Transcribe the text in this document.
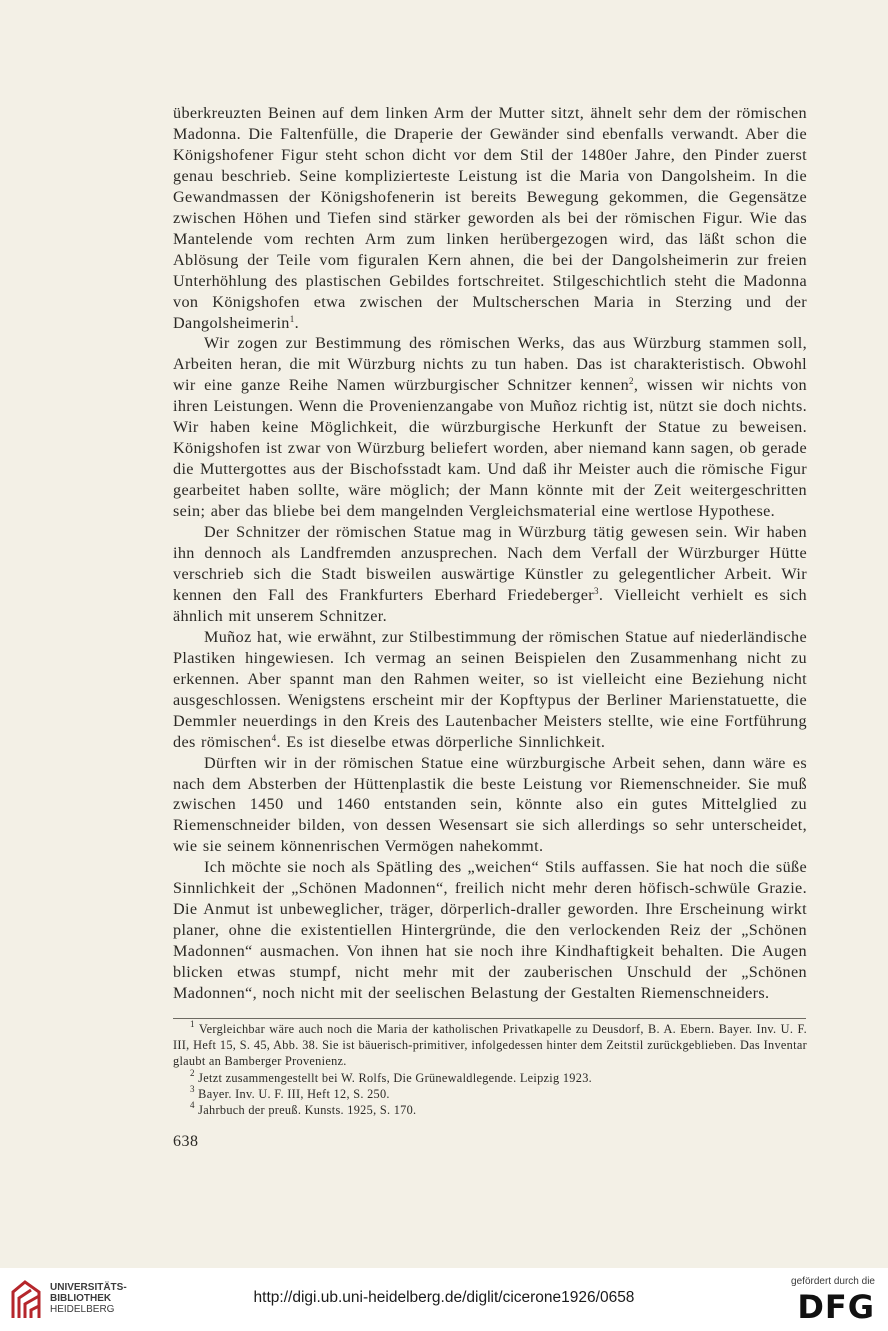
überkreuzten Beinen auf dem linken Arm der Mutter sitzt, ähnelt sehr dem der römischen Madonna. Die Faltenfülle, die Draperie der Gewänder sind ebenfalls verwandt. Aber die Königshofener Figur steht schon dicht vor dem Stil der 1480er Jahre, den Pinder zuerst genau beschrieb. Seine komplizierteste Leistung ist die Maria von Dangolsheim. In die Gewandmassen der Königshofenerin ist bereits Bewegung gekommen, die Gegensätze zwischen Höhen und Tiefen sind stärker geworden als bei der römischen Figur. Wie das Mantelende vom rechten Arm zum linken herübergezogen wird, das läßt schon die Ablösung der Teile vom figuralen Kern ahnen, die bei der Dangolsheimerin zur freien Unterhöhlung des plastischen Gebildes fortschreitet. Stilgeschichtlich steht die Madonna von Königshofen etwa zwischen der Multscherschen Maria in Sterzing und der Dangolsheimerin$^1$.

Wir zogen zur Bestimmung des römischen Werks, das aus Würzburg stammen soll, Arbeiten heran, die mit Würzburg nichts zu tun haben. Das ist charakteristisch. Obwohl wir eine ganze Reihe Namen würzburgischer Schnitzer kennen$^2$, wissen wir nichts von ihren Leistungen. Wenn die Provenienzangabe von Muñoz richtig ist, nützt sie doch nichts. Wir haben keine Möglichkeit, die würzburgische Herkunft der Statue zu beweisen. Königshofen ist zwar von Würzburg beliefert worden, aber niemand kann sagen, ob gerade die Muttergottes aus der Bischofsstadt kam. Und daß ihr Meister auch die römische Figur gearbeitet haben sollte, wäre möglich; der Mann könnte mit der Zeit weitergeschritten sein; aber das bliebe bei dem mangelnden Vergleichsmaterial eine wertlose Hypothese.

Der Schnitzer der römischen Statue mag in Würzburg tätig gewesen sein. Wir haben ihn dennoch als Landfremden anzusprechen. Nach dem Verfall der Würzburger Hütte verschrieb sich die Stadt bisweilen auswärtige Künstler zu gelegentlicher Arbeit. Wir kennen den Fall des Frankfurters Eberhard Friedeberger$^3$. Vielleicht verhielt es sich ähnlich mit unserem Schnitzer.

Muñoz hat, wie erwähnt, zur Stilbestimmung der römischen Statue auf niederländische Plastiken hingewiesen. Ich vermag an seinen Beispielen den Zusammenhang nicht zu erkennen. Aber spannt man den Rahmen weiter, so ist vielleicht eine Beziehung nicht ausgeschlossen. Wenigstens erscheint mir der Kopftypus der Berliner Marienstatuette, die Demmler neuerdings in den Kreis des Lautenbacher Meisters stellte, wie eine Fortführung des römischen$^4$. Es ist dieselbe etwas dörperliche Sinnlichkeit.

Dürften wir in der römischen Statue eine würzburgische Arbeit sehen, dann wäre es nach dem Absterben der Hüttenplastik die beste Leistung vor Riemenschneider. Sie muß zwischen 1450 und 1460 entstanden sein, könnte also ein gutes Mittelglied zu Riemenschneider bilden, von dessen Wesensart sie sich allerdings so sehr unterscheidet, wie sie seinem könnenrischen Vermögen nahekommt.

Ich möchte sie noch als Spätling des „weichen“ Stils auffassen. Sie hat noch die süße Sinnlichkeit der „Schönen Madonnen“, freilich nicht mehr deren höfisch-schwüle Grazie. Die Anmut ist unbeweglicher, träger, dörperlich-draller geworden. Ihre Erscheinung wirkt planer, ohne die existentiellen Hintergründe, die den verlockenden Reiz der „Schönen Madonnen“ ausmachen. Von ihnen hat sie noch ihre Kindhaftigkeit behalten. Die Augen blicken etwas stumpf, nicht mehr mit der zauberischen Unschuld der „Schönen Madonnen“, noch nicht mit der seelischen Belastung der Gestalten Riemenschneiders.

$^1$ Vergleichbar wäre auch noch die Maria der katholischen Privatkapelle zu Deusdorf, B. A. Ebern. Bayer. Inv. U. F. III, Heft 15, S. 45, Abb. 38. Sie ist bäuerisch-primitiver, infolgedessen hinter dem Zeitstil zurückgeblieben. Das Inventar glaubt an Bamberger Provenienz.

$^2$ Jetzt zusammengestellt bei W. Rolfs, Die Grünewaldlegende. Leipzig 1923.

$^3$ Bayer. Inv. U. F. III, Heft 12, S. 250.

$^4$ Jahrbuch der preuß. Kunsts. 1925, S. 170.

638
UNIVERSITÄTS-
BIBLIOTHEK
HEIDELBERG
http://digi.ub.uni-heidelberg.de/diglit/cicerone1926/0658
gefördert durch die
DFG
